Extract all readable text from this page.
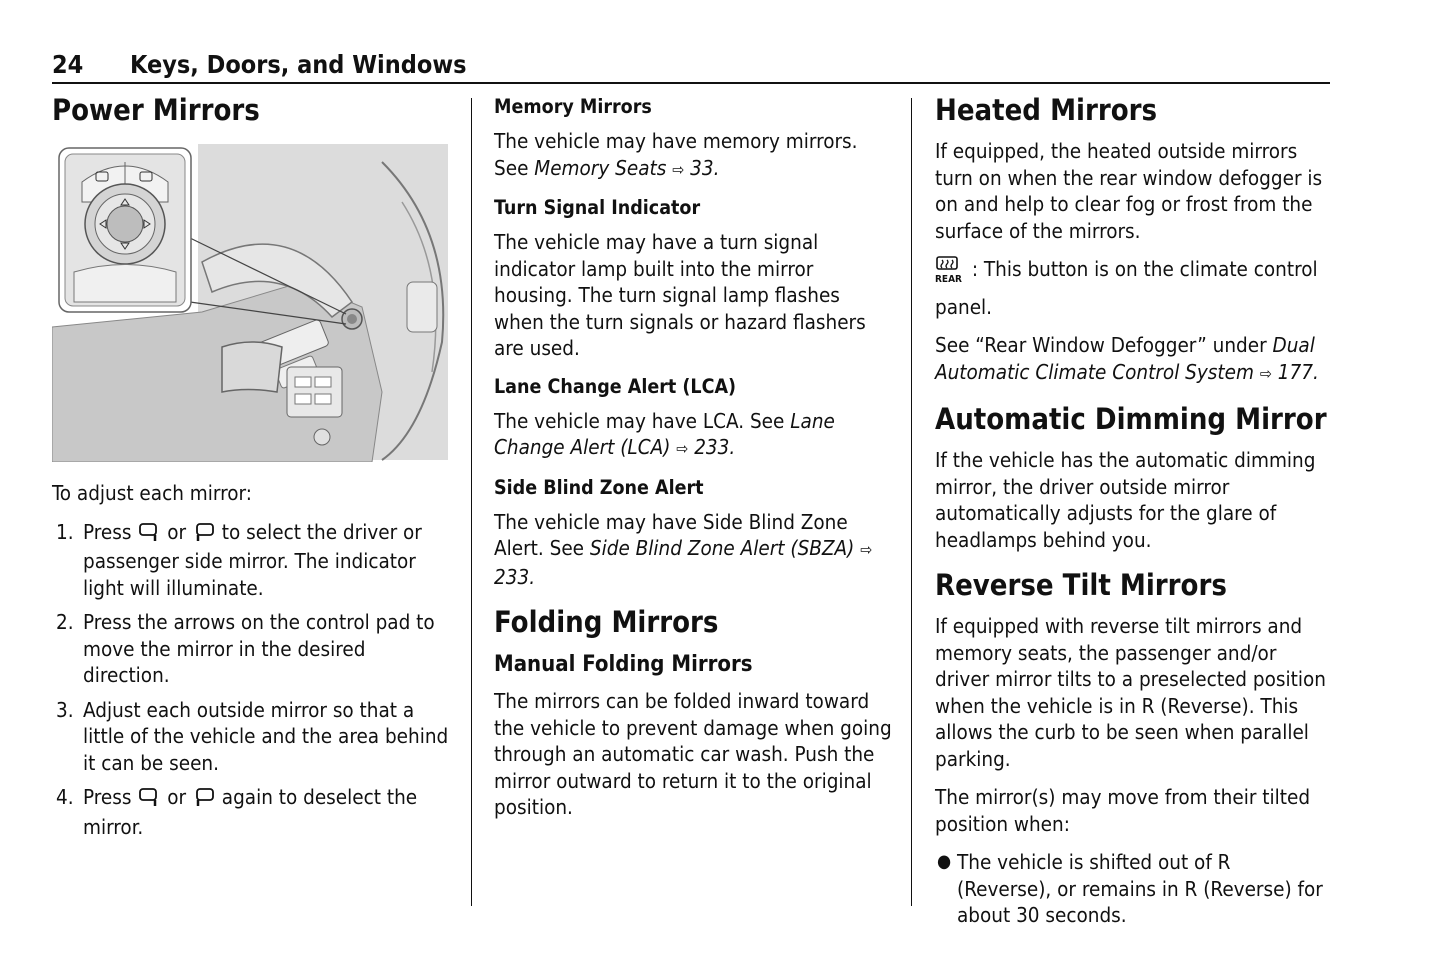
24 Keys, Doors, and Windows
Power Mirrors

To adjust each mirror:

1. Press or to select the driver or passenger side mirror. The indicator light will illuminate.
2. Press the arrows on the control pad to move the mirror in the desired direction.
3. Adjust each outside mirror so that a little of the vehicle and the area behind it can be seen.
4. Press or again to deselect the mirror.
Memory Mirrors

The vehicle may have memory mirrors. See Memory Seats ⇨ 33.

Turn Signal Indicator

The vehicle may have a turn signal indicator lamp built into the mirror housing. The turn signal lamp flashes when the turn signals or hazard flashers are used.

Lane Change Alert (LCA)

The vehicle may have LCA. See Lane Change Alert (LCA) ⇨ 233.

Side Blind Zone Alert

The vehicle may have Side Blind Zone Alert. See Side Blind Zone Alert (SBZA) ⇨ 233.

Folding Mirrors
Manual Folding Mirrors

The mirrors can be folded inward toward the vehicle to prevent damage when going through an automatic car wash. Push the mirror outward to return it to the original position.

Heated Mirrors

If equipped, the heated outside mirrors turn on when the rear window defogger is on and help to clear fog or frost from the surface of the mirrors.

$_{REAR}$ : This button is on the climate control panel.

See “Rear Window Defogger” under Dual Automatic Climate Control System ⇨ 177.

Automatic Dimming Mirror

If the vehicle has the automatic dimming mirror, the driver outside mirror automatically adjusts for the glare of headlamps behind you.

Reverse Tilt Mirrors

If equipped with reverse tilt mirrors and memory seats, the passenger and/or driver mirror tilts to a preselected position when the vehicle is in R (Reverse). This allows the curb to be seen when parallel parking.

The mirror(s) may move from their tilted position when:

● The vehicle is shifted out of R (Reverse), or remains in R (Reverse) for about 30 seconds.
